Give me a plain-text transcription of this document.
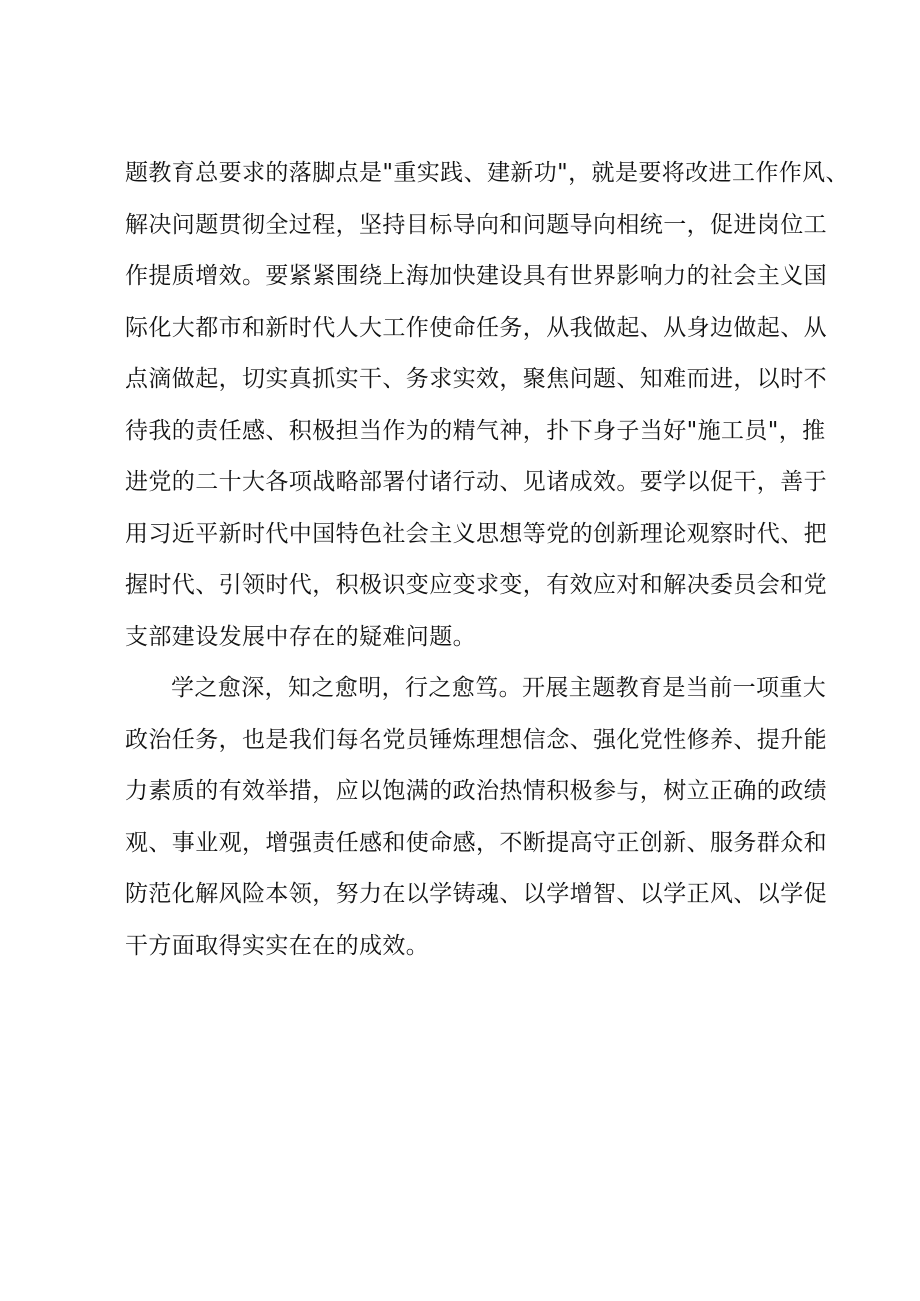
题教育总要求的落脚点是"重实践、建新功"，就是要将改进工作作风、
解决问题贯彻全过程，坚持目标导向和问题导向相统一，促进岗位工
作提质增效。要紧紧围绕上海加快建设具有世界影响力的社会主义国
际化大都市和新时代人大工作使命任务，从我做起、从身边做起、从
点滴做起，切实真抓实干、务求实效，聚焦问题、知难而进，以时不
待我的责任感、积极担当作为的精气神，扑下身子当好"施工员"，推
进党的二十大各项战略部署付诸行动、见诸成效。要学以促干，善于
用习近平新时代中国特色社会主义思想等党的创新理论观察时代、把
握时代、引领时代，积极识变应变求变，有效应对和解决委员会和党
支部建设发展中存在的疑难问题。

学之愈深，知之愈明，行之愈笃。开展主题教育是当前一项重大
政治任务，也是我们每名党员锤炼理想信念、强化党性修养、提升能
力素质的有效举措，应以饱满的政治热情积极参与，树立正确的政绩
观、事业观，增强责任感和使命感，不断提高守正创新、服务群众和
防范化解风险本领，努力在以学铸魂、以学增智、以学正风、以学促
干方面取得实实在在的成效。
